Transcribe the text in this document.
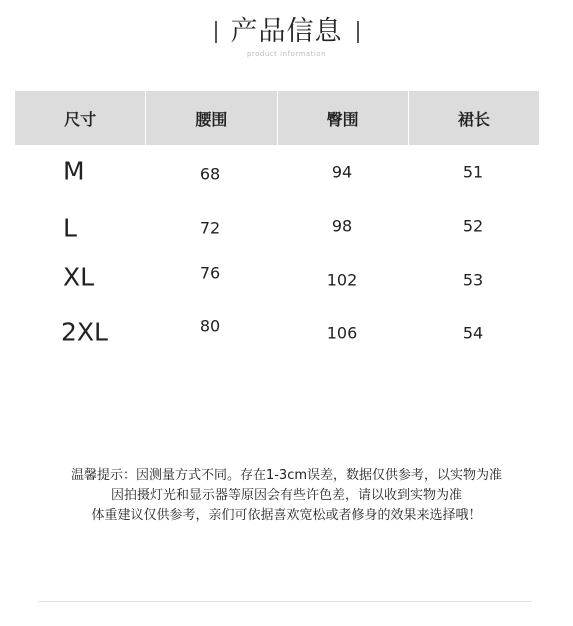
产品信息
product information
尺寸	腰围	臀围	裙长
M	68	94	51
L	72	98	52
XL	76	102	53
2XL	80	106	54
温馨提示：因测量方式不同。存在1-3cm误差，数据仅供参考，以实物为准
因拍摄灯光和显示器等原因会有些许色差，请以收到实物为准
体重建议仅供参考，亲们可依据喜欢宽松或者修身的效果来选择哦！
